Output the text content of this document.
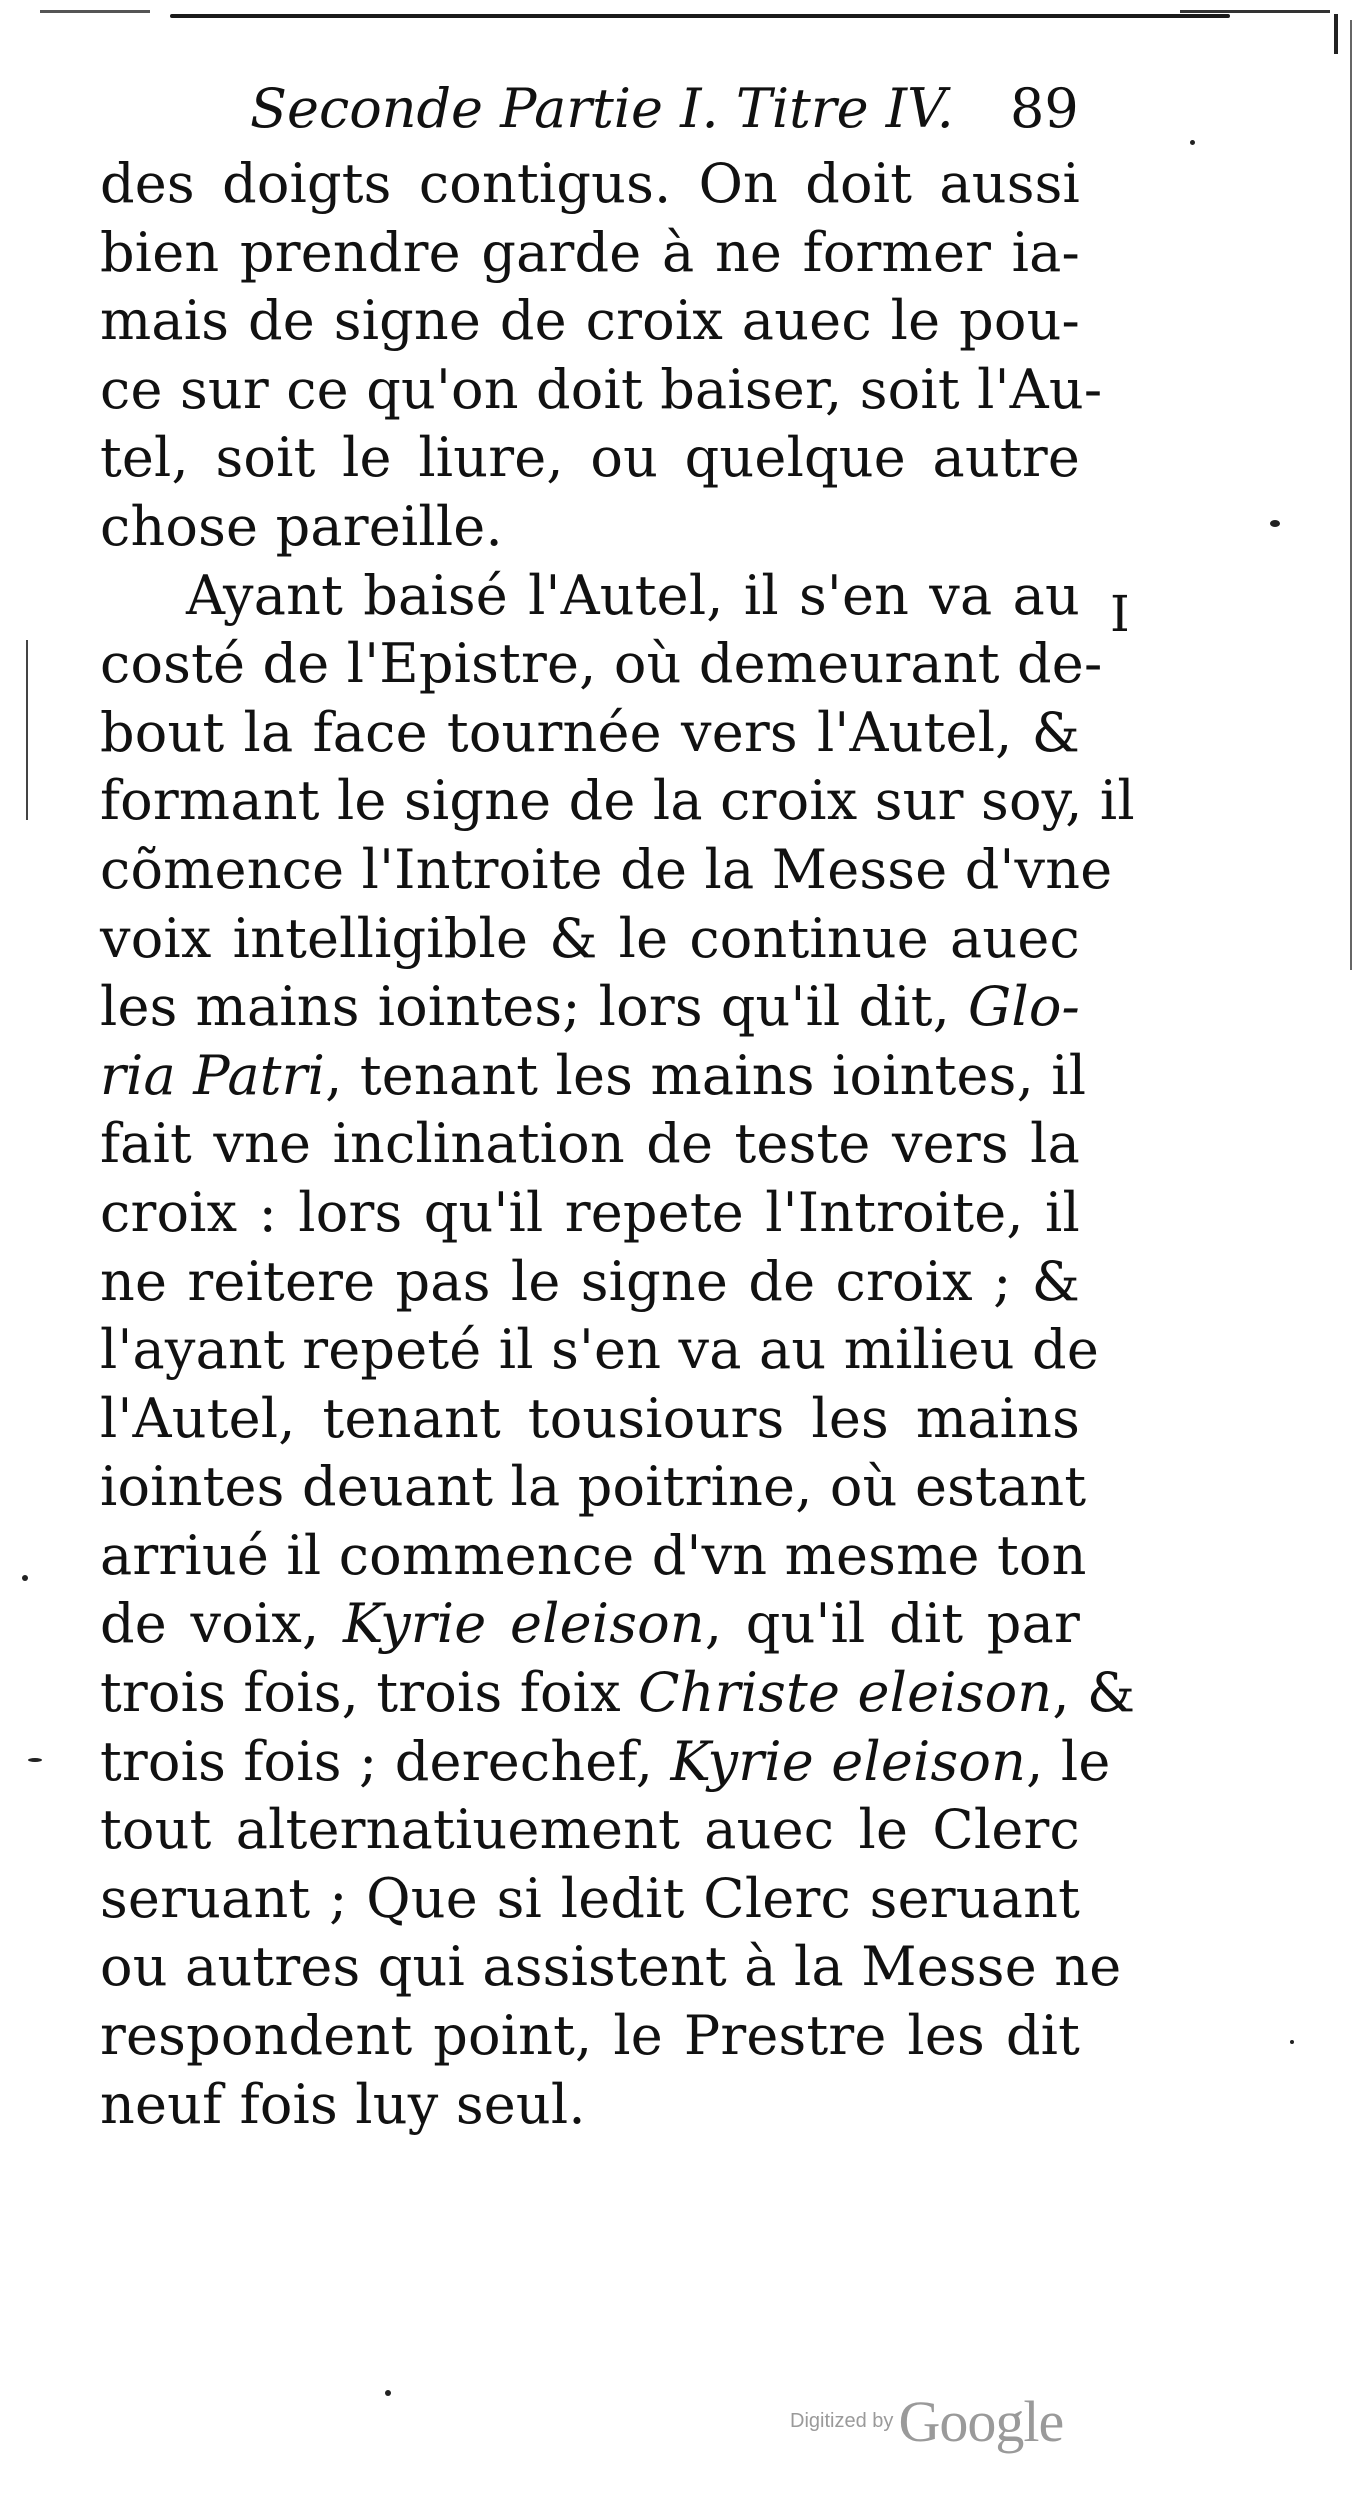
Seconde Partie I. Titre IV. 89
I
des doigts contigus. On doit aussi
bien prendre garde à ne former ia-
mais de signe de croix auec le pou-
ce sur ce qu'on doit baiser, soit l'Au-
tel, soit le liure, ou quelque autre
chose pareille.
Ayant baisé l'Autel, il s'en va au
costé de l'Epistre, où demeurant de-
bout la face tournée vers l'Autel, &
formant le signe de la croix sur soy, il
cõmence l'Introite de la Messe d'vne
voix intelligible & le continue auec
les mains iointes; lors qu'il dit, Glo-
ria Patri, tenant les mains iointes, il
fait vne inclination de teste vers la
croix : lors qu'il repete l'Introite, il
ne reitere pas le signe de croix ; &
l'ayant repeté il s'en va au milieu de
l'Autel, tenant tousiours les mains
iointes deuant la poitrine, où estant
arriué il commence d'vn mesme ton
de voix, Kyrie eleison, qu'il dit par
trois fois, trois foix Christe eleison, &
trois fois ; derechef, Kyrie eleison, le
tout alternatiuement auec le Clerc
seruant ; Que si ledit Clerc seruant
ou autres qui assistent à la Messe ne
respondent point, le Prestre les dit
neuf fois luy seul.
Digitized by Google
